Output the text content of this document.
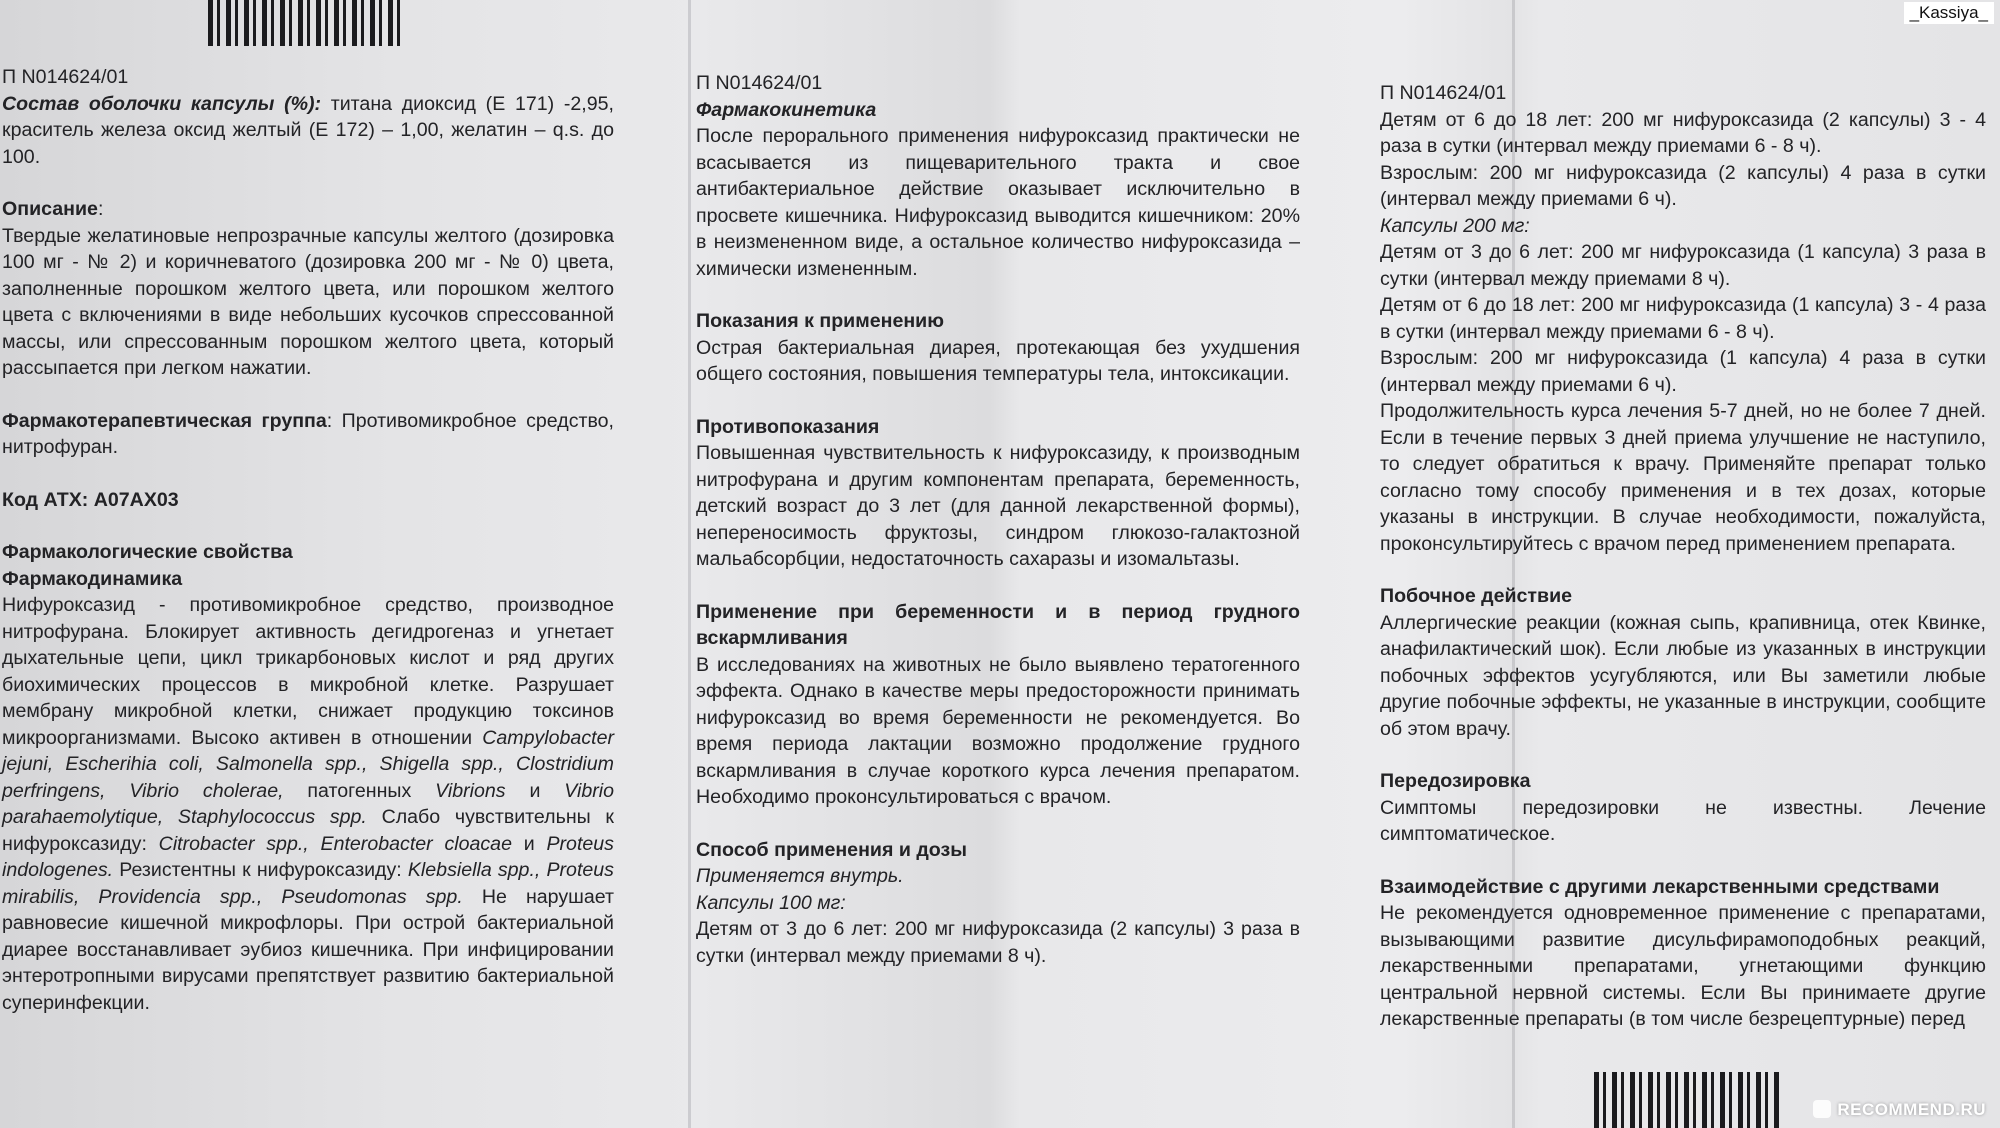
_Kassiya_

П N014624/01

Состав оболочки капсулы (%): титана диоксид (E 171) -2,95, краситель железа оксид желтый (E 172) – 1,00, желатин – q.s. до 100.

Описание:

Твердые желатиновые непрозрачные капсулы желтого (дозировка 100 мг - № 2) и коричневатого (дозировка 200 мг - № 0) цвета, заполненные порошком желтого цвета, или порошком желтого цвета с включениями в виде небольших кусочков спрессованной массы, или спрессованным порошком желтого цвета, который рассыпается при легком нажатии.

Фармакотерапевтическая группа: Противомикробное средство, нитрофуран.

Код АТХ: A07AX03

Фармакологические свойства

Фармакодинамика

Нифуроксазид - противомикробное средство, производное нитрофурана. Блокирует активность дегидрогеназ и угнетает дыхательные цепи, цикл трикарбоновых кислот и ряд других биохимических процессов в микробной клетке. Разрушает мембрану микробной клетки, снижает продукцию токсинов микроорганизмами. Высоко активен в отношении Campylobacter jejuni, Escherihia coli, Salmonella spp., Shigella spp., Clostridium perfringens, Vibrio cholerae, патогенных Vibrions и Vibrio parahaemolytique, Staphylococcus spp. Слабо чувствительны к нифуроксазиду: Citrobacter spp., Enterobacter cloacae и Proteus indologenes. Резистентны к нифуроксазиду: Klebsiella spp., Proteus mirabilis, Providencia spp., Pseudomonas spp. Не нарушает равновесие кишечной микрофлоры. При острой бактериальной диарее восстанавливает эубиоз кишечника. При инфицировании энтеротропными вирусами препятствует развитию бактериальной суперинфекции.

П N014624/01

Фармакокинетика

После перорального применения нифуроксазид практически не всасывается из пищеварительного тракта и свое антибактериальное действие оказывает исключительно в просвете кишечника. Нифуроксазид выводится кишечником: 20% в неизмененном виде, а остальное количество нифуроксазида – химически измененным.

Показания к применению

Острая бактериальная диарея, протекающая без ухудшения общего состояния, повышения температуры тела, интоксикации.

Противопоказания

Повышенная чувствительность к нифуроксазиду, к производным нитрофурана и другим компонентам препарата, беременность, детский возраст до 3 лет (для данной лекарственной формы), непереносимость фруктозы, синдром глюкозо-галактозной мальабсорбции, недостаточность сахаразы и изомальтазы.

Применение при беременности и в период грудного вскармливания

В исследованиях на животных не было выявлено тератогенного эффекта. Однако в качестве меры предосторожности принимать нифуроксазид во время беременности не рекомендуется. Во время периода лактации возможно продолжение грудного вскармливания в случае короткого курса лечения препаратом. Необходимо проконсультироваться с врачом.

Способ применения и дозы

Применяется внутрь.

Капсулы 100 мг:

Детям от 3 до 6 лет: 200 мг нифуроксазида (2 капсулы) 3 раза в сутки (интервал между приемами 8 ч).

П N014624/01

Детям от 6 до 18 лет: 200 мг нифуроксазида (2 капсулы) 3 - 4 раза в сутки (интервал между приемами 6 - 8 ч).

Взрослым: 200 мг нифуроксазида (2 капсулы) 4 раза в сутки (интервал между приемами 6 ч).

Капсулы 200 мг:

Детям от 3 до 6 лет: 200 мг нифуроксазида (1 капсула) 3 раза в сутки (интервал между приемами 8 ч).

Детям от 6 до 18 лет: 200 мг нифуроксазида (1 капсула) 3 - 4 раза в сутки (интервал между приемами 6 - 8 ч).

Взрослым: 200 мг нифуроксазида (1 капсула) 4 раза в сутки (интервал между приемами 6 ч).

Продолжительность курса лечения 5-7 дней, но не более 7 дней. Если в течение первых 3 дней приема улучшение не наступило, то следует обратиться к врачу. Применяйте препарат только согласно тому способу применения и в тех дозах, которые указаны в инструкции. В случае необходимости, пожалуйста, проконсультируйтесь с врачом перед применением препарата.

Побочное действие

Аллергические реакции (кожная сыпь, крапивница, отек Квинке, анафилактический шок). Если любые из указанных в инструкции побочных эффектов усугубляются, или Вы заметили любые другие побочные эффекты, не указанные в инструкции, сообщите об этом врачу.

Передозировка

Симптомы передозировки не известны. Лечение симптоматическое.

Взаимодействие с другими лекарственными средствами

Не рекомендуется одновременное применение с препаратами, вызывающими развитие дисульфирамоподобных реакций, лекарственными препаратами, угнетающими функцию центральной нервной системы. Если Вы принимаете другие лекарственные препараты (в том числе безрецептурные) перед

RECOMMEND.RU
